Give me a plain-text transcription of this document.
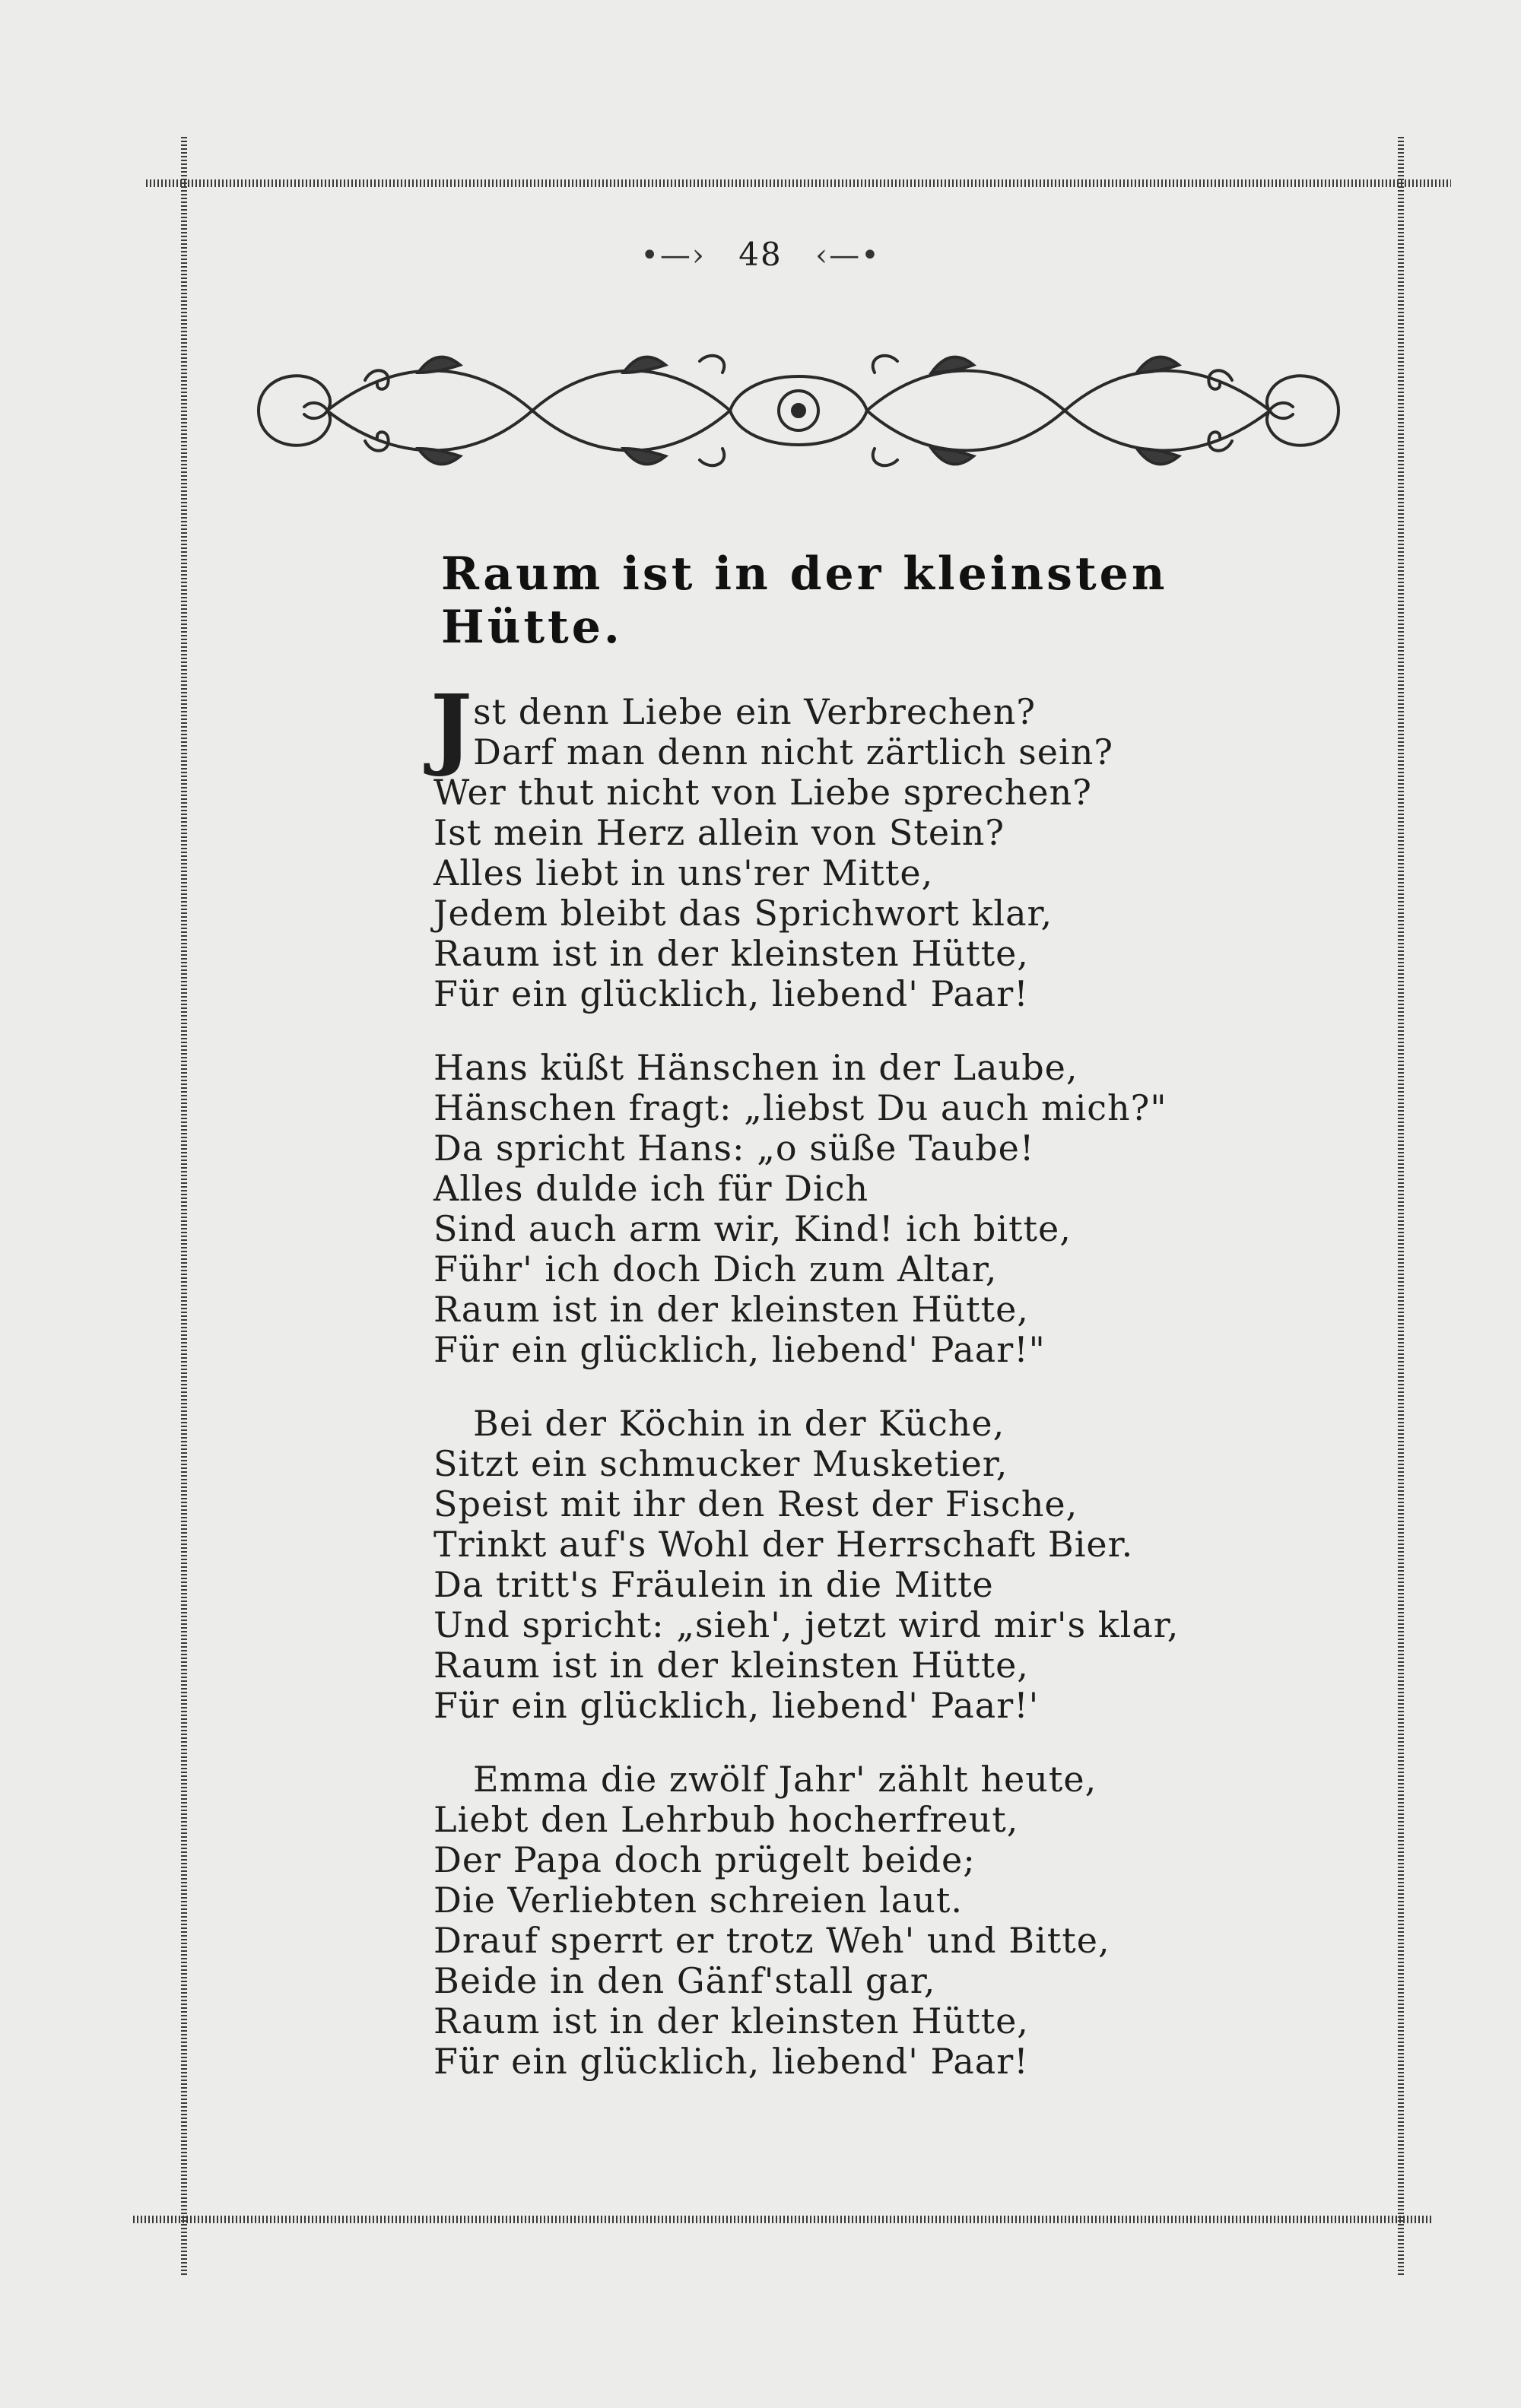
•—› 48 ‹—•
Raum ist in der kleinsten Hütte.
J st denn Liebe ein Verbrechen?
Darf man denn nicht zärtlich sein?
Wer thut nicht von Liebe sprechen?
Ist mein Herz allein von Stein?
Alles liebt in uns'rer Mitte,
Jedem bleibt das Sprichwort klar,
Raum ist in der kleinsten Hütte,
Für ein glücklich, liebend' Paar!
Hans küßt Hänschen in der Laube,
Hänschen fragt: „liebst Du auch mich?"
Da spricht Hans: „o süße Taube!
Alles dulde ich für Dich
Sind auch arm wir, Kind! ich bitte,
Führ' ich doch Dich zum Altar,
Raum ist in der kleinsten Hütte,
Für ein glücklich, liebend' Paar!"
Bei der Köchin in der Küche,
Sitzt ein schmucker Musketier,
Speist mit ihr den Rest der Fische,
Trinkt auf's Wohl der Herrschaft Bier.
Da tritt's Fräulein in die Mitte
Und spricht: „sieh', jetzt wird mir's klar,
Raum ist in der kleinsten Hütte,
Für ein glücklich, liebend' Paar!'
Emma die zwölf Jahr' zählt heute,
Liebt den Lehrbub hocherfreut,
Der Papa doch prügelt beide;
Die Verliebten schreien laut.
Drauf sperrt er trotz Weh' und Bitte,
Beide in den Gänf'stall gar,
Raum ist in der kleinsten Hütte,
Für ein glücklich, liebend' Paar!
